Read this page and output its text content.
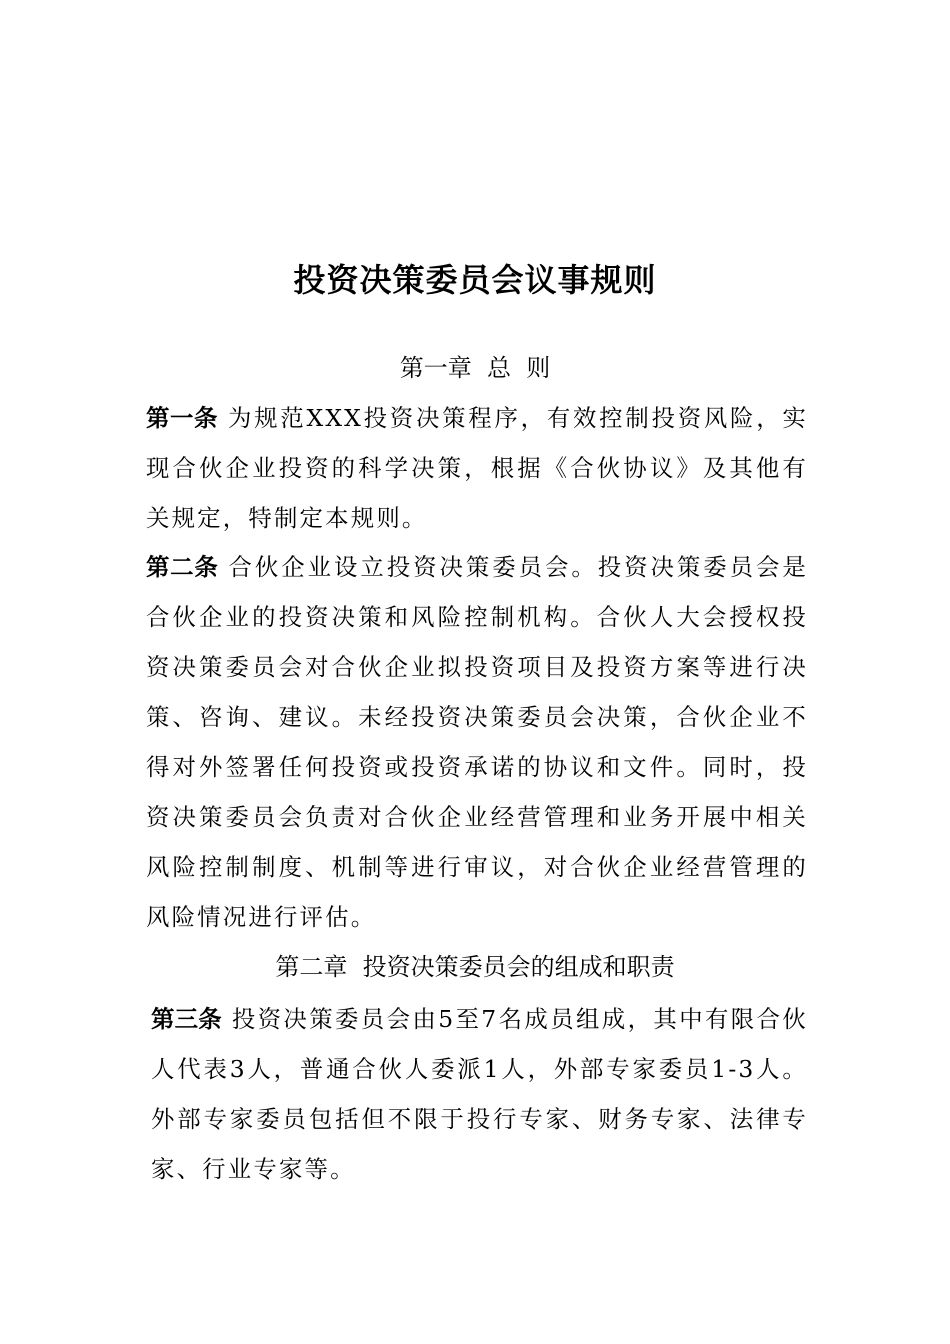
投资决策委员会议事规则
第一章  总  则
第一条 为规范XXX投资决策程序，有效控制投资风险，实现合伙企业投资的科学决策，根据《合伙协议》及其他有关规定，特制定本规则。
第二条 合伙企业设立投资决策委员会。投资决策委员会是合伙企业的投资决策和风险控制机构。合伙人大会授权投资决策委员会对合伙企业拟投资项目及投资方案等进行决策、咨询、建议。未经投资决策委员会决策，合伙企业不得对外签署任何投资或投资承诺的协议和文件。同时，投资决策委员会负责对合伙企业经营管理和业务开展中相关风险控制制度、机制等进行审议，对合伙企业经营管理的风险情况进行评估。
第二章  投资决策委员会的组成和职责
第三条 投资决策委员会由5至7名成员组成，其中有限合伙人代表3人，普通合伙人委派1人，外部专家委员1-3人。外部专家委员包括但不限于投行专家、财务专家、法律专家、行业专家等。
